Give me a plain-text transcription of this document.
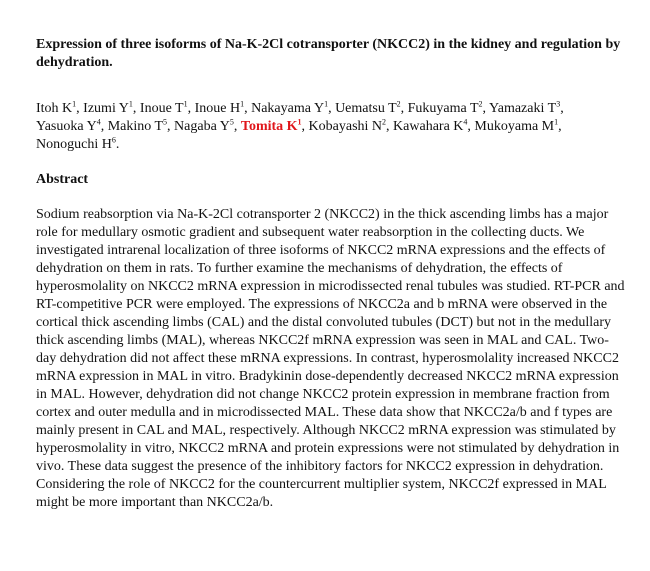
Expression of three isoforms of Na-K-2Cl cotransporter (NKCC2) in the kidney and regulation by dehydration.
Itoh $K^1$, Izumi $Y^1$, Inoue $T^1$, Inoue $H^1$, Nakayama $Y^1$, Uematsu $T^2$, Fukuyama $T^2$, Yamazaki $T^3$, Yasuoka $Y^4$, Makino $T^5$, Nagaba $Y^5$, Tomita $K^1$, Kobayashi $N^2$, Kawahara $K^4$, Mukoyama $M^1$, Nonoguchi $H^6$.
Abstract
Sodium reabsorption via Na-K-2Cl cotransporter 2 (NKCC2) in the thick ascending limbs has a major role for medullary osmotic gradient and subsequent water reabsorption in the collecting ducts. We investigated intrarenal localization of three isoforms of NKCC2 mRNA expressions and the effects of dehydration on them in rats. To further examine the mechanisms of dehydration, the effects of hyperosmolality on NKCC2 mRNA expression in microdissected renal tubules was studied. RT-PCR and RT-competitive PCR were employed. The expressions of NKCC2a and b mRNA were observed in the cortical thick ascending limbs (CAL) and the distal convoluted tubules (DCT) but not in the medullary thick ascending limbs (MAL), whereas NKCC2f mRNA expression was seen in MAL and CAL. Two-day dehydration did not affect these mRNA expressions. In contrast, hyperosmolality increased NKCC2 mRNA expression in MAL in vitro. Bradykinin dose-dependently decreased NKCC2 mRNA expression in MAL. However, dehydration did not change NKCC2 protein expression in membrane fraction from cortex and outer medulla and in microdissected MAL. These data show that NKCC2a/b and f types are mainly present in CAL and MAL, respectively. Although NKCC2 mRNA expression was stimulated by hyperosmolality in vitro, NKCC2 mRNA and protein expressions were not stimulated by dehydration in vivo. These data suggest the presence of the inhibitory factors for NKCC2 expression in dehydration. Considering the role of NKCC2 for the countercurrent multiplier system, NKCC2f expressed in MAL might be more important than NKCC2a/b.
